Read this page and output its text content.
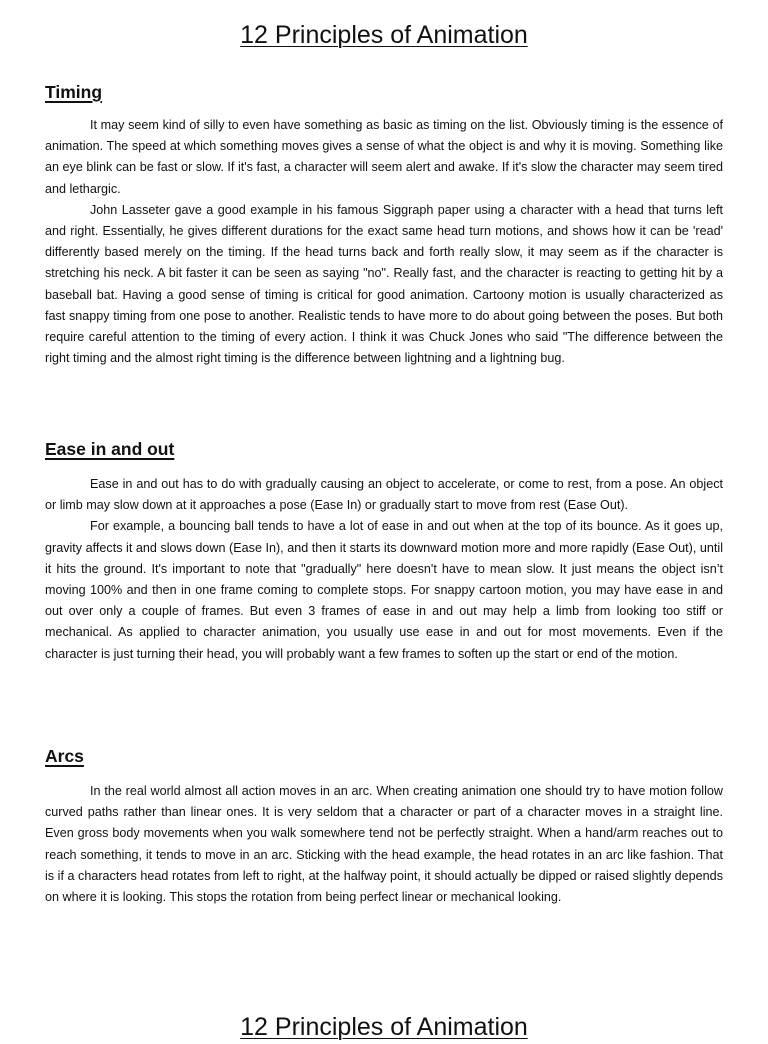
12 Principles of Animation
Timing

It may seem kind of silly to even have something as basic as timing on the list. Obviously timing is the essence of animation. The speed at which something moves gives a sense of what the object is and why it is moving. Something like an eye blink can be fast or slow. If it's fast, a character will seem alert and awake. If it's slow the character may seem tired and lethargic.

John Lasseter gave a good example in his famous Siggraph paper using a character with a head that turns left and right. Essentially, he gives different durations for the exact same head turn motions, and shows how it can be 'read' differently based merely on the timing. If the head turns back and forth really slow, it may seem as if the character is stretching his neck. A bit faster it can be seen as saying "no". Really fast, and the character is reacting to getting hit by a baseball bat. Having a good sense of timing is critical for good animation. Cartoony motion is usually characterized as fast snappy timing from one pose to another. Realistic tends to have more to do about going between the poses. But both require careful attention to the timing of every action. I think it was Chuck Jones who said "The difference between the right timing and the almost right timing is the difference between lightning and a lightning bug.

Ease in and out

Ease in and out has to do with gradually causing an object to accelerate, or come to rest, from a pose. An object or limb may slow down at it approaches a pose (Ease In) or gradually start to move from rest (Ease Out).

For example, a bouncing ball tends to have a lot of ease in and out when at the top of its bounce. As it goes up, gravity affects it and slows down (Ease In), and then it starts its downward motion more and more rapidly (Ease Out), until it hits the ground. It's important to note that "gradually" here doesn't have to mean slow. It just means the object isn’t moving 100% and then in one frame coming to complete stops. For snappy cartoon motion, you may have ease in and out over only a couple of frames. But even 3 frames of ease in and out may help a limb from looking too stiff or mechanical. As applied to character animation, you usually use ease in and out for most movements. Even if the character is just turning their head, you will probably want a few frames to soften up the start or end of the motion.

Arcs

In the real world almost all action moves in an arc. When creating animation one should try to have motion follow curved paths rather than linear ones. It is very seldom that a character or part of a character moves in a straight line. Even gross body movements when you walk somewhere tend not be perfectly straight. When a hand/arm reaches out to reach something, it tends to move in an arc. Sticking with the head example, the head rotates in an arc like fashion. That is if a characters head rotates from left to right, at the halfway point, it should actually be dipped or raised slightly depends on where it is looking. This stops the rotation from being perfect linear or mechanical looking.

12 Principles of Animation
